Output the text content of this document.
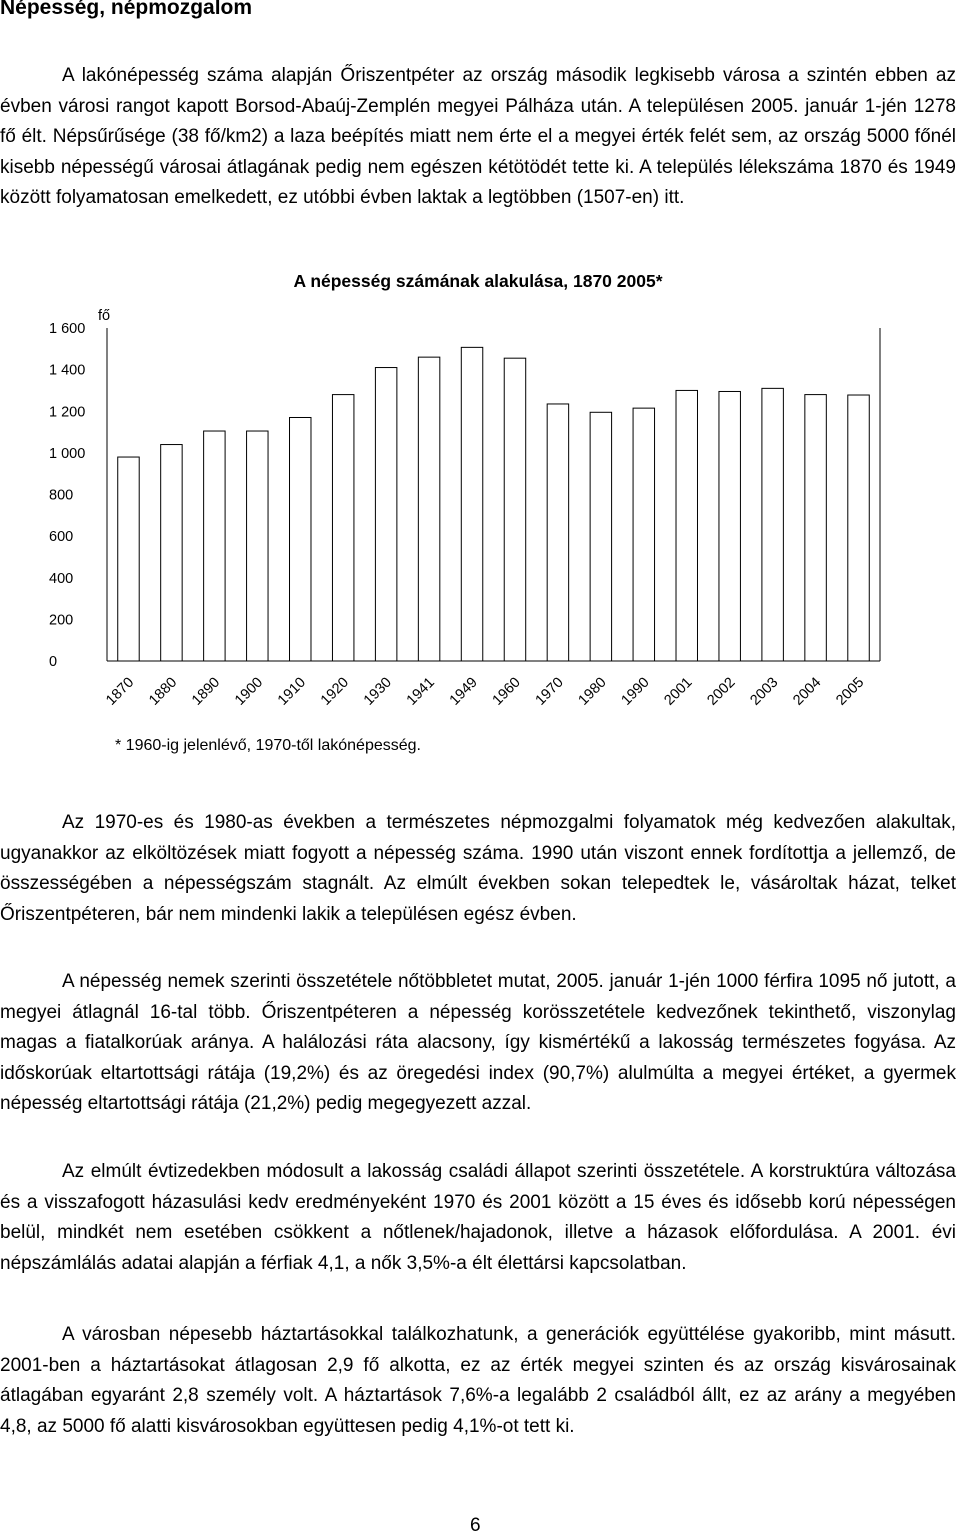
Népesség, népmozgalom

A lakónépesség száma alapján Őriszentpéter az ország második legkisebb városa a szintén ebben az évben városi rangot kapott Borsod-Abaúj-Zemplén megyei Pálháza után. A településen 2005. január 1-jén 1278 fő élt. Népsűrűsége (38 fő/km2) a laza beépítés miatt nem érte el a megyei érték felét sem, az ország 5000 főnél kisebb népességű városai átlagának pedig nem egészen kétötödét tette ki. A település lélekszáma 1870 és 1949 között folyamatosan emelkedett, ez utóbbi évben laktak a legtöbben (1507-en) itt.

A népesség számának alakulása, 1870 2005*
fő
0
200
400
600
800
1 000
1 200
1 400
1 600
1870 1880 1890 1900 1910 1920 1930 1941 1949 1960 1970 1980 1990 2001 2002 2003 2004 2005
* 1960-ig jelenlévő, 1970-től lakónépesség.

Az 1970-es és 1980-as években a természetes népmozgalmi folyamatok még kedvezően alakultak, ugyanakkor az elköltözések miatt fogyott a népesség száma. 1990 után viszont ennek fordítottja a jellemző, de összességében a népességszám stagnált. Az elmúlt években sokan telepedtek le, vásároltak házat, telket Őriszentpéteren, bár nem mindenki lakik a településen egész évben.

A népesség nemek szerinti összetétele nőtöbbletet mutat, 2005. január 1-jén 1000 férfira 1095 nő jutott, a megyei átlagnál 16-tal több. Őriszentpéteren a népesség korösszetétele kedvezőnek tekinthető, viszonylag magas a fiatalkorúak aránya. A halálozási ráta alacsony, így kismértékű a lakosság természetes fogyása. Az időskorúak eltartottsági rátája (19,2%) és az öregedési index (90,7%) alulmúlta a megyei értéket, a gyermek népesség eltartottsági rátája (21,2%) pedig megegyezett azzal.

Az elmúlt évtizedekben módosult a lakosság családi állapot szerinti összetétele. A korstruktúra változása és a visszafogott házasulási kedv eredményeként 1970 és 2001 között a 15 éves és idősebb korú népességen belül, mindkét nem esetében csökkent a nőtlenek/hajadonok, illetve a házasok előfordulása. A 2001. évi népszámlálás adatai alapján a férfiak 4,1, a nők 3,5%-a élt élettársi kapcsolatban.

A városban népesebb háztartásokkal találkozhatunk, a generációk együttélése gyakoribb, mint másutt. 2001-ben a háztartásokat átlagosan 2,9 fő alkotta, ez az érték megyei szinten és az ország kisvárosainak átlagában egyaránt 2,8 személy volt. A háztartások 7,6%-a legalább 2 családból állt, ez az arány a megyében 4,8, az 5000 fő alatti kisvárosokban együttesen pedig 4,1%-ot tett ki.

6
